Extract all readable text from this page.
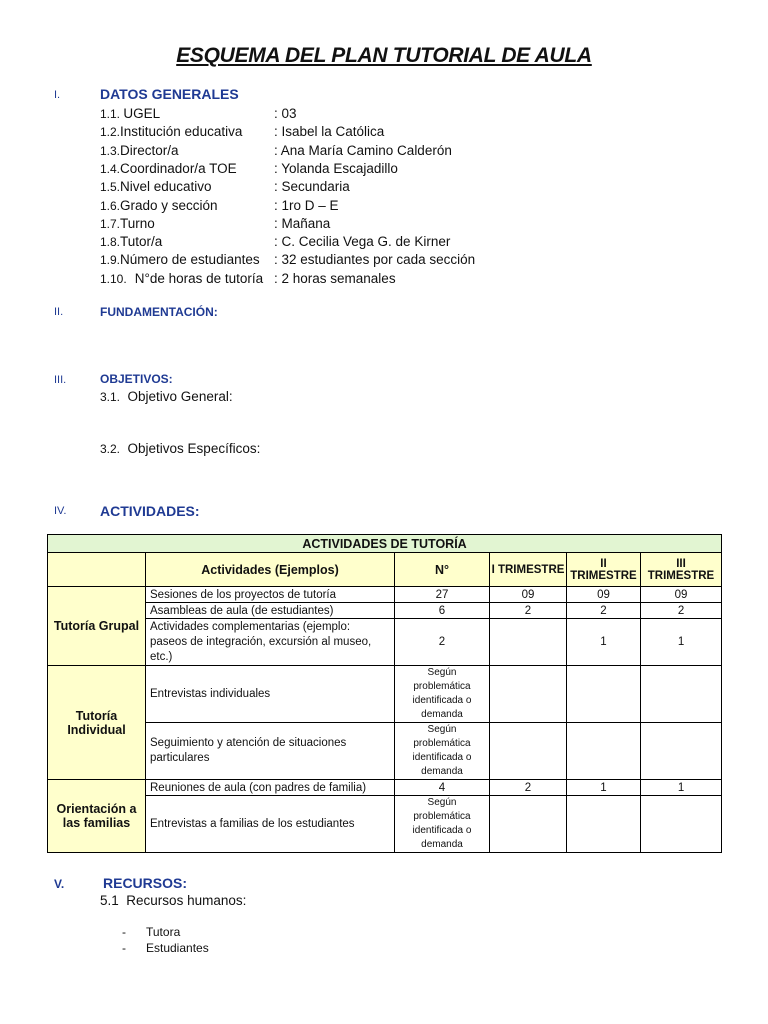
ESQUEMA DEL PLAN TUTORIAL DE AULA
I.	DATOS GENERALES
1.1. UGEL	: 03
1.2.Institución educativa : Isabel la Católica
1.3.Director/a	: Ana María Camino Calderón
1.4.Coordinador/a TOE	: Yolanda Escajadillo
1.5.Nivel educativo	: Secundaria
1.6.Grado y sección	: 1ro D – E
1.7.Turno	: Mañana
1.8.Tutor/a	: C. Cecilia Vega G. de Kirner
1.9.Número de estudiantes : 32 estudiantes por cada sección
1.10. N°de horas de tutoría : 2 horas semanales
II.	FUNDAMENTACIÓN:
III.	OBJETIVOS:
3.1. Objetivo General:
3.2. Objetivos Específicos:
IV. ACTIVIDADES:
ACTIVIDADES DE TUTORÍA					
	Actividades (Ejemplos)	N°	I TRIMESTRE	II TRIMESTRE	III TRIMESTRE
Tutoría Grupal	Sesiones de los proyectos de tutoría	27	09	09	09
	Asambleas de aula (de estudiantes)	6	2	2	2
	Actividades complementarias (ejemplo: paseos de integración, excursión al museo, etc.)	2		1	1
Tutoría Individual	Entrevistas individuales	Según problemática identificada o demanda			
	Seguimiento y atención de situaciones particulares	Según problemática identificada o demanda			
Orientación a las familias	Reuniones de aula (con padres de familia)	4	2	1	1
	Entrevistas a familias de los estudiantes	Según problemática identificada o demanda			
V.	RECURSOS:
5.1 Recursos humanos:
- Tutora
- Estudiantes
